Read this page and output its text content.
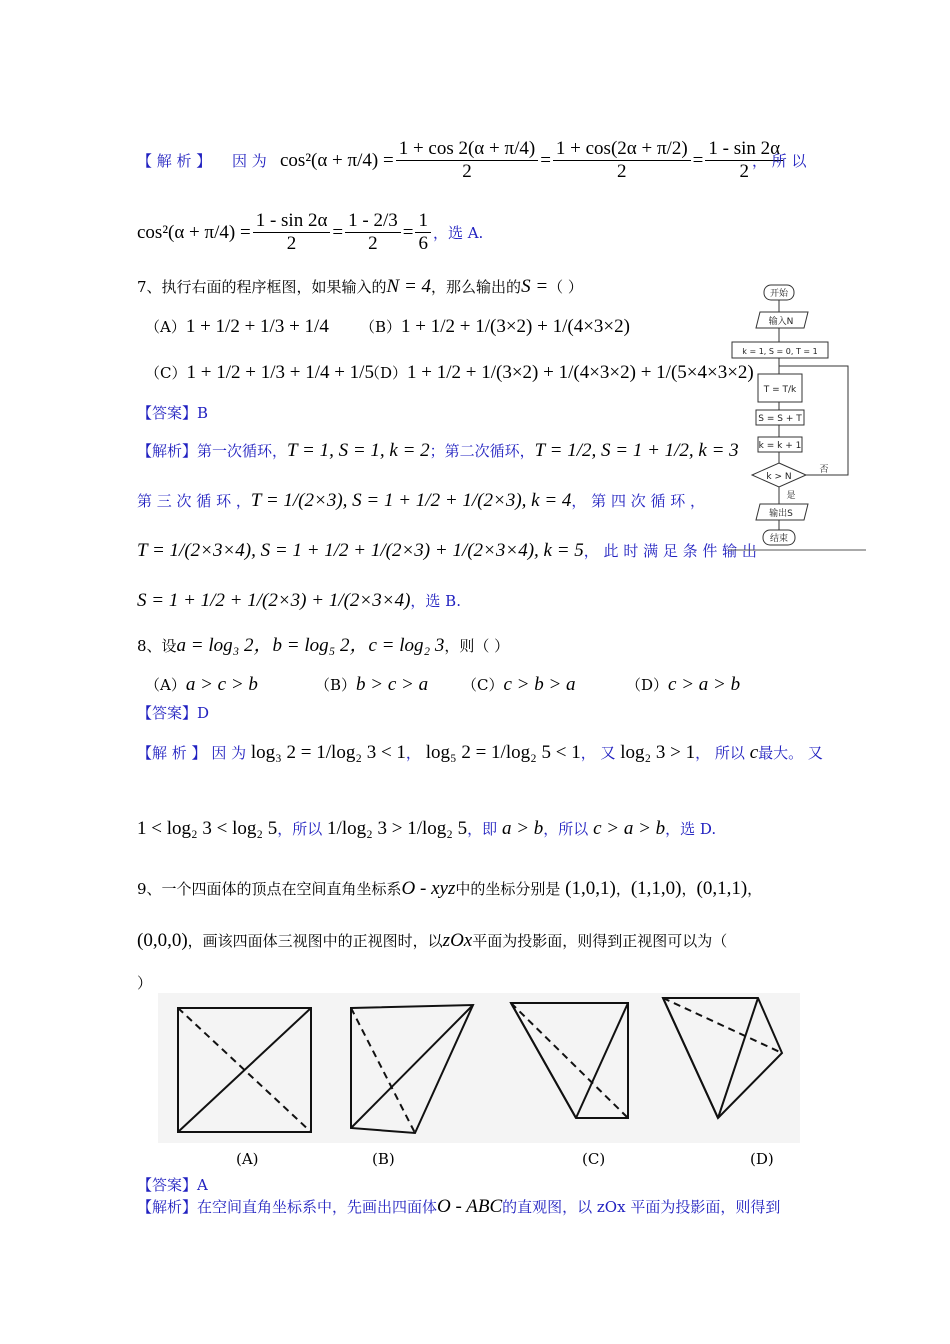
【 解 析 】 因 为 $\cos^2(\alpha + \pi/4) = \frac{1 + \cos 2(\alpha + \pi/4)}{2} = \frac{1 + \cos(2\alpha + \pi/2)}{2} = \frac{1 - \sin 2\alpha}{2}$
， 所 以
$\cos^2(\alpha + \pi/4) = \frac{1 - \sin 2\alpha}{2} = \frac{1 - 2/3}{2} = \frac{1}{6}$ ，选 A.
7、执行右面的程序框图，如果输入的N = 4，那么输出的S =（ ）
（A）1 + 1/2 + 1/3 + 1/4 （B）1 + 1/2 + 1/(3×2) + 1/(4×3×2)
（C）1 + 1/2 + 1/3 + 1/4 + 1/5
（D）1 + 1/2 + 1/(3×2) + 1/(4×3×2) + 1/(5×4×3×2)
【答案】B
【解析】第一次循环，T = 1, S = 1, k = 2；第二次循环，T = 1/2, S = 1 + 1/2, k = 3
第 三 次 循 环 ，T = 1/(2×3), S = 1 + 1/2 + 1/(2×3), k = 4， 第 四 次 循 环 ，
T = 1/(2×3×4), S = 1 + 1/2 + 1/(2×3) + 1/(2×3×4), k = 5， 此 时 满 足 条 件 输 出
S = 1 + 1/2 + 1/(2×3) + 1/(2×3×4)，选 B.
开始
输入N
k = 1, S = 0, T = 1
T = T/k
S = S + T
k = k + 1
k > N
否
是
输出S
结束
8、设a = log₃ 2，b = log₅ 2，c = log₂ 3，则（ ）
（A）a > c > b	（B）b > c > a （C）c > b > a	（D）c > a > b
【答案】D
【解 析 】 因 为 log₃ 2 = 1/log₂ 3 < 1， log₅ 2 = 1/log₂ 5 < 1， 又 log₂ 3 > 1， 所以 c最大。 又
1 < log₂ 3 < log₂ 5，所以 1/log₂ 3 > 1/log₂ 5，即 a > b，所以 c > a > b，选 D.
9、一个四面体的顶点在空间直角坐标系O - xyz中的坐标分别是 (1,0,1)，(1,1,0)，(0,1,1)，
(0,0,0)，画该四面体三视图中的正视图时，以zOx平面为投影面，则得到正视图可以为（
）
(A)	(B)	(C)	(D)
【答案】A
【解析】在空间直角坐标系中，先画出四面体O - ABC的直观图，以 zOx 平面为投影面，则得到
